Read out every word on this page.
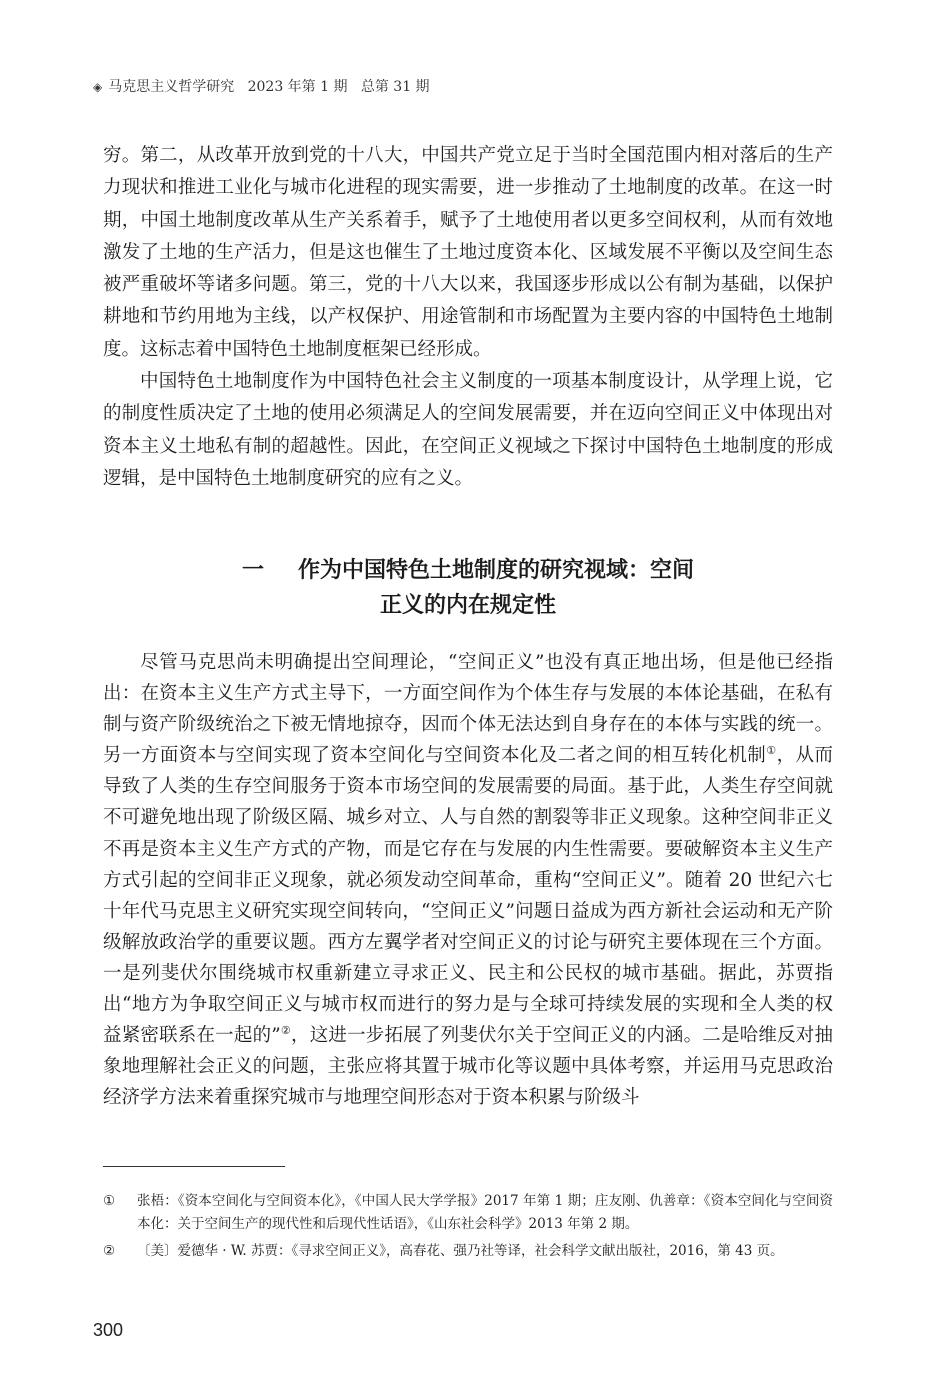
◈ 马克思主义哲学研究 2023 年第 1 期 总第 31 期

穷。第二，从改革开放到党的十八大，中国共产党立足于当时全国范围内相对落后的生产力现状和推进工业化与城市化进程的现实需要，进一步推动了土地制度的改革。在这一时期，中国土地制度改革从生产关系着手，赋予了土地使用者以更多空间权利，从而有效地激发了土地的生产活力，但是这也催生了土地过度资本化、区域发展不平衡以及空间生态被严重破坏等诸多问题。第三，党的十八大以来，我国逐步形成以公有制为基础，以保护耕地和节约用地为主线，以产权保护、用途管制和市场配置为主要内容的中国特色土地制度。这标志着中国特色土地制度框架已经形成。

中国特色土地制度作为中国特色社会主义制度的一项基本制度设计，从学理上说，它的制度性质决定了土地的使用必须满足人的空间发展需要，并在迈向空间正义中体现出对资本主义土地私有制的超越性。因此，在空间正义视域之下探讨中国特色土地制度的形成逻辑，是中国特色土地制度研究的应有之义。

一 作为中国特色土地制度的研究视域：空间
正义的内在规定性

尽管马克思尚未明确提出空间理论，“空间正义”也没有真正地出场，但是他已经指出：在资本主义生产方式主导下，一方面空间作为个体生存与发展的本体论基础，在私有制与资产阶级统治之下被无情地掠夺，因而个体无法达到自身存在的本体与实践的统一。另一方面资本与空间实现了资本空间化与空间资本化及二者之间的相互转化机制①，从而导致了人类的生存空间服务于资本市场空间的发展需要的局面。基于此，人类生存空间就不可避免地出现了阶级区隔、城乡对立、人与自然的割裂等非正义现象。这种空间非正义不再是资本主义生产方式的产物，而是它存在与发展的内生性需要。要破解资本主义生产方式引起的空间非正义现象，就必须发动空间革命，重构“空间正义”。随着 20 世纪六七十年代马克思主义研究实现空间转向，“空间正义”问题日益成为西方新社会运动和无产阶级解放政治学的重要议题。西方左翼学者对空间正义的讨论与研究主要体现在三个方面。一是列斐伏尔围绕城市权重新建立寻求正义、民主和公民权的城市基础。据此，苏贾指出“地方为争取空间正义与城市权而进行的努力是与全球可持续发展的实现和全人类的权益紧密联系在一起的”②，这进一步拓展了列斐伏尔关于空间正义的内涵。二是哈维反对抽象地理解社会正义的问题，主张应将其置于城市化等议题中具体考察，并运用马克思政治经济学方法来着重探究城市与地理空间形态对于资本积累与阶级斗

①	张梧：《资本空间化与空间资本化》，《中国人民大学学报》2017 年第 1 期；庄友刚、仇善章：《资本空间化与空间资本化：关于空间生产的现代性和后现代性话语》，《山东社会科学》2013 年第 2 期。
②	〔美〕爱德华 · W. 苏贾：《寻求空间正义》，高春花、强乃社等译，社会科学文献出版社，2016，第 43 页。
300
